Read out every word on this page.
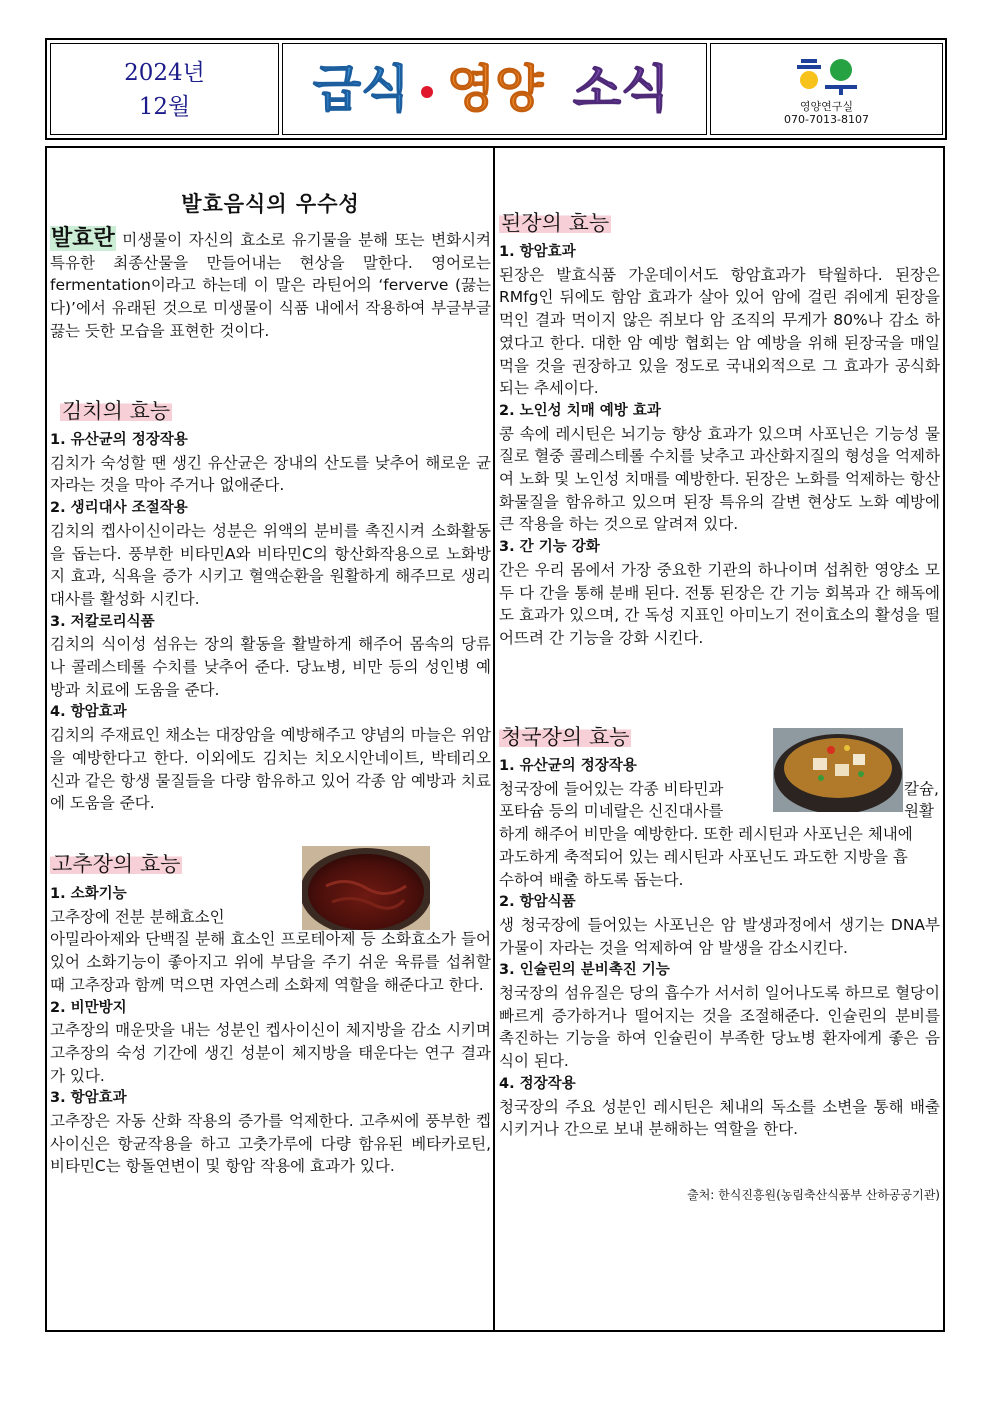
2024년
12월	급식 영양 소식	영양연구실
070-7013-8107
발효음식의 우수성

발효란 미생물이 자신의 효소로 유기물을 분해 또는 변화시켜 특유한 최종산물을 만들어내는 현상을 말한다. 영어로는 fermentation이라고 하는데 이 말은 라틴어의 ‘ferverve (끓는다)’에서 유래된 것으로 미생물이 식품 내에서 작용하여 부글부글 끓는 듯한 모습을 표현한 것이다.

김치의 효능

1. 유산균의 정장작용

김치가 숙성할 땐 생긴 유산균은 장내의 산도를 낮추어 해로운 균 자라는 것을 막아 주거나 없애준다.

2. 생리대사 조절작용

김치의 켑사이신이라는 성분은 위액의 분비를 촉진시켜 소화활동을 돕는다. 풍부한 비타민A와 비타민C의 항산화작용으로 노화방지 효과, 식욕을 증가 시키고 혈액순환을 원활하게 해주므로 생리대사를 활성화 시킨다.

3. 저칼로리식품

김치의 식이성 섬유는 장의 활동을 활발하게 해주어 몸속의 당류나 콜레스테롤 수치를 낮추어 준다. 당뇨병, 비만 등의 성인병 예방과 치료에 도움을 준다.

4. 항암효과

김치의 주재료인 채소는 대장암을 예방해주고 양념의 마늘은 위암을 예방한다고 한다. 이외에도 김치는 치오시안네이트, 박테리오신과 같은 항생 물질들을 다량 함유하고 있어 각종 암 예방과 치료에 도움을 준다.

고추장의 효능

1. 소화기능

고추장에 전분 분해효소인

아밀라아제와 단백질 분해 효소인 프로테아제 등 소화효소가 들어있어 소화기능이 좋아지고 위에 부담을 주기 쉬운 육류를 섭취할 때 고추장과 함께 먹으면 자연스레 소화제 역할을 해준다고 한다.

2. 비만방지

고추장의 매운맛을 내는 성분인 켑사이신이 체지방을 감소 시키며 고추장의 숙성 기간에 생긴 성분이 체지방을 태운다는 연구 결과가 있다.

3. 항암효과

고추장은 자동 산화 작용의 증가를 억제한다. 고추씨에 풍부한 켑사이신은 항균작용을 하고 고춧가루에 다량 함유된 베타카로틴, 비타민C는 항돌연변이 및 항암 작용에 효과가 있다.

된장의 효능

1. 항암효과

된장은 발효식품 가운데이서도 항암효과가 탁월하다. 된장은 RMfg인 뒤에도 함암 효과가 살아 있어 암에 걸린 쥐에게 된장을 먹인 결과 먹이지 않은 쥐보다 암 조직의 무게가 80%나 감소 하였다고 한다. 대한 암 예방 협회는 암 예방을 위해 된장국을 매일 먹을 것을 권장하고 있을 정도로 국내외적으로 그 효과가 공식화 되는 추세이다.

2. 노인성 치매 예방 효과

콩 속에 레시틴은 뇌기능 향상 효과가 있으며 사포닌은 기능성 물질로 혈중 콜레스테롤 수치를 낮추고 과산화지질의 형성을 억제하여 노화 및 노인성 치매를 예방한다. 된장은 노화를 억제하는 항산화물질을 함유하고 있으며 된장 특유의 갈변 현상도 노화 예방에 큰 작용을 하는 것으로 알려져 있다.

3. 간 기능 강화

간은 우리 몸에서 가장 중요한 기관의 하나이며 섭취한 영양소 모두 다 간을 통해 분배 된다. 전통 된장은 간 기능 회복과 간 해독에도 효과가 있으며, 간 독성 지표인 아미노기 전이효소의 활성을 떨어뜨려 간 기능을 강화 시킨다.

청국장의 효능

1. 유산균의 정장작용

청국장에 들어있는 각종 비타민과	칼슘,

포타슘 등의 미네랄은 신진대사를	원활

하게 해주어 비만을 예방한다. 또한 레시틴과 사포닌은 체내에 과도하게 축적되어 있는 레시틴과 사포닌도 과도한 지방을 흡수하여 배출 하도록 돕는다.

2. 항암식품

생 청국장에 들어있는 사포닌은 암 발생과정에서 생기는 DNA부가물이 자라는 것을 억제하여 암 발생을 감소시킨다.

3. 인슐린의 분비촉진 기능

청국장의 섬유질은 당의 흡수가 서서히 일어나도록 하므로 혈당이 빠르게 증가하거나 떨어지는 것을 조절해준다. 인슐린의 분비를 촉진하는 기능을 하여 인슐린이 부족한 당뇨병 환자에게 좋은 음식이 된다.

4. 정장작용

청국장의 주요 성분인 레시틴은 체내의 독소를 소변을 통해 배출 시키거나 간으로 보내 분해하는 역할을 한다.

출처: 한식진흥원(농림축산식품부 산하공공기관)
